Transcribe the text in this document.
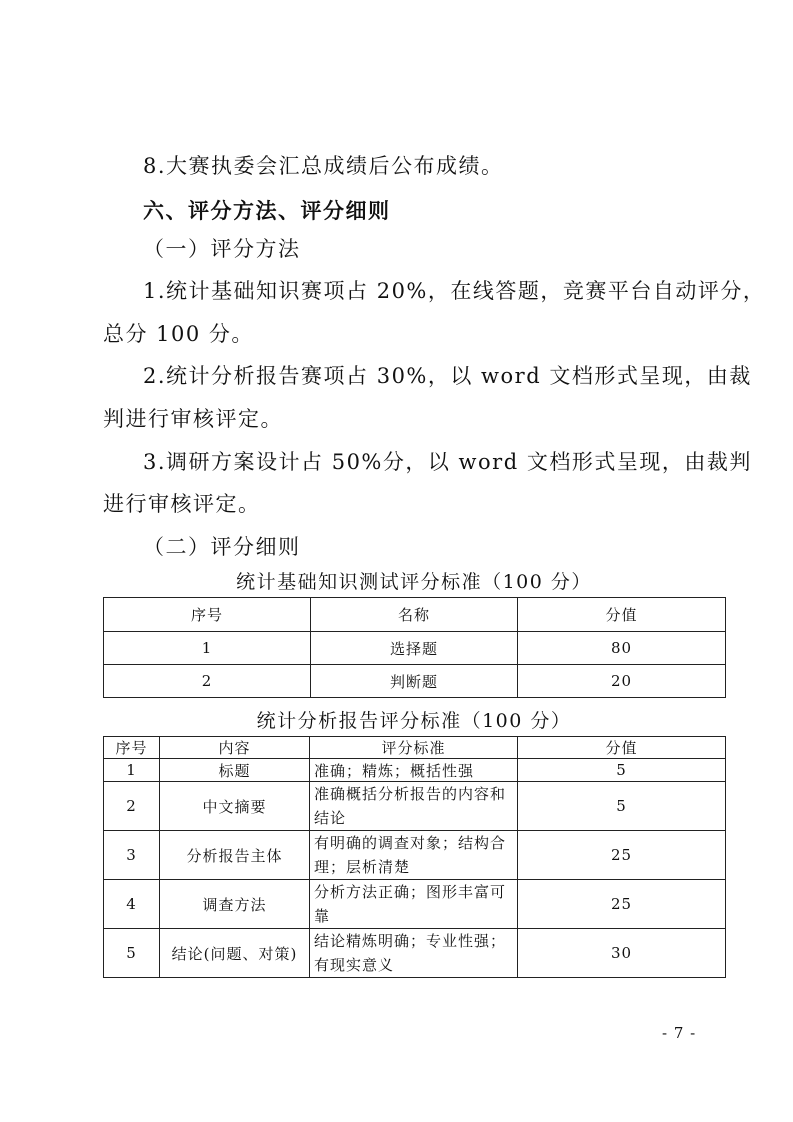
8.大赛执委会汇总成绩后公布成绩。
六、评分方法、评分细则
（一）评分方法
1.统计基础知识赛项占 20%，在线答题，竞赛平台自动评分，
总分 100 分。
2.统计分析报告赛项占 30%，以 word 文档形式呈现，由裁
判进行审核评定。
3.调研方案设计占 50%分，以 word 文档形式呈现，由裁判
进行审核评定。
（二）评分细则
统计基础知识测试评分标准（100 分）
序号	名称	分值
1	选择题	80
2	判断题	20
统计分析报告评分标准（100 分）
序号	内容	评分标准	分值
1	标题	准确；精炼；概括性强	5
2	中文摘要	准确概括分析报告的内容和结论	5
3	分析报告主体	有明确的调查对象；结构合理；层析清楚	25
4	调查方法	分析方法正确；图形丰富可靠	25
5	结论(问题、对策)	结论精炼明确；专业性强；有现实意义	30
- 7 -
